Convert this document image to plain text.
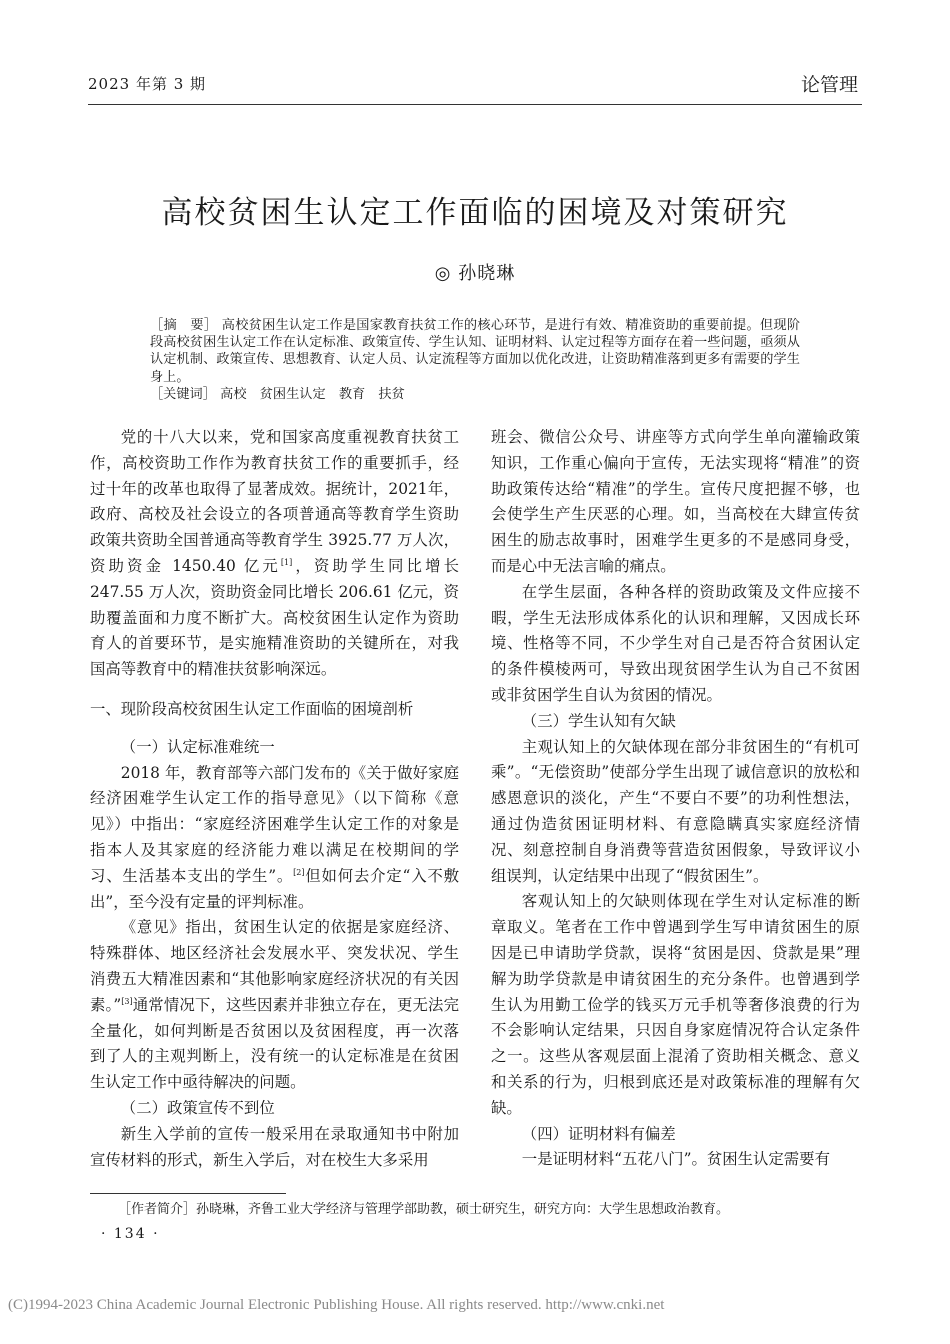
2023 年第 3 期	论管理
高校贫困生认定工作面临的困境及对策研究
◎ 孙晓琳

［摘　要］ 高校贫困生认定工作是国家教育扶贫工作的核心环节，是进行有效、精准资助的重要前提。但现阶段高校贫困生认定工作在认定标准、政策宣传、学生认知、证明材料、认定过程等方面存在着一些问题，亟须从认定机制、政策宣传、思想教育、认定人员、认定流程等方面加以优化改进，让资助精准落到更多有需要的学生身上。

［关键词］ 高校　贫困生认定　教育　扶贫

党的十八大以来，党和国家高度重视教育扶贫工作，高校资助工作作为教育扶贫工作的重要抓手，经过十年的改革也取得了显著成效。据统计，2021年，政府、高校及社会设立的各项普通高等教育学生资助政策共资助全国普通高等教育学生 3925.77 万人次，资助资金 1450.40 亿元[1]，资助学生同比增长247.55 万人次，资助资金同比增长 206.61 亿元，资助覆盖面和力度不断扩大。高校贫困生认定作为资助育人的首要环节，是实施精准资助的关键所在，对我国高等教育中的精准扶贫影响深远。

一、现阶段高校贫困生认定工作面临的困境剖析

（一）认定标准难统一

2018 年，教育部等六部门发布的《关于做好家庭经济困难学生认定工作的指导意见》（以下简称《意见》）中指出：“家庭经济困难学生认定工作的对象是指本人及其家庭的经济能力难以满足在校期间的学习、生活基本支出的学生”。[2]但如何去介定“入不敷出”，至今没有定量的评判标准。

《意见》指出，贫困生认定的依据是家庭经济、特殊群体、地区经济社会发展水平、突发状况、学生消费五大精准因素和“其他影响家庭经济状况的有关因素。”[3]通常情况下，这些因素并非独立存在，更无法完全量化，如何判断是否贫困以及贫困程度，再一次落到了人的主观判断上，没有统一的认定标准是在贫困生认定工作中亟待解决的问题。

（二）政策宣传不到位

新生入学前的宣传一般采用在录取通知书中附加宣传材料的形式，新生入学后，对在校生大多采用

班会、微信公众号、讲座等方式向学生单向灌输政策知识，工作重心偏向于宣传，无法实现将“精准”的资助政策传达给“精准”的学生。宣传尺度把握不够，也会使学生产生厌恶的心理。如，当高校在大肆宣传贫困生的励志故事时，困难学生更多的不是感同身受，而是心中无法言喻的痛点。

在学生层面，各种各样的资助政策及文件应接不暇，学生无法形成体系化的认识和理解，又因成长环境、性格等不同，不少学生对自己是否符合贫困认定的条件模棱两可，导致出现贫困学生认为自己不贫困或非贫困学生自认为贫困的情况。

（三）学生认知有欠缺

主观认知上的欠缺体现在部分非贫困生的“有机可乘”。“无偿资助”使部分学生出现了诚信意识的放松和感恩意识的淡化，产生“不要白不要”的功利性想法，通过伪造贫困证明材料、有意隐瞒真实家庭经济情况、刻意控制自身消费等营造贫困假象，导致评议小组误判，认定结果中出现了“假贫困生”。

客观认知上的欠缺则体现在学生对认定标准的断章取义。笔者在工作中曾遇到学生写申请贫困生的原因是已申请助学贷款，误将“贫困是因、贷款是果”理解为助学贷款是申请贫困生的充分条件。也曾遇到学生认为用勤工俭学的钱买万元手机等奢侈浪费的行为不会影响认定结果，只因自身家庭情况符合认定条件之一。这些从客观层面上混淆了资助相关概念、意义和关系的行为，归根到底还是对政策标准的理解有欠缺。

（四）证明材料有偏差

一是证明材料“五花八门”。贫困生认定需要有

［作者简介］孙晓琳，齐鲁工业大学经济与管理学部助教，硕士研究生，研究方向：大学生思想政治教育。
· 134 ·
(C)1994-2023 China Academic Journal Electronic Publishing House. All rights reserved. http://www.cnki.net
